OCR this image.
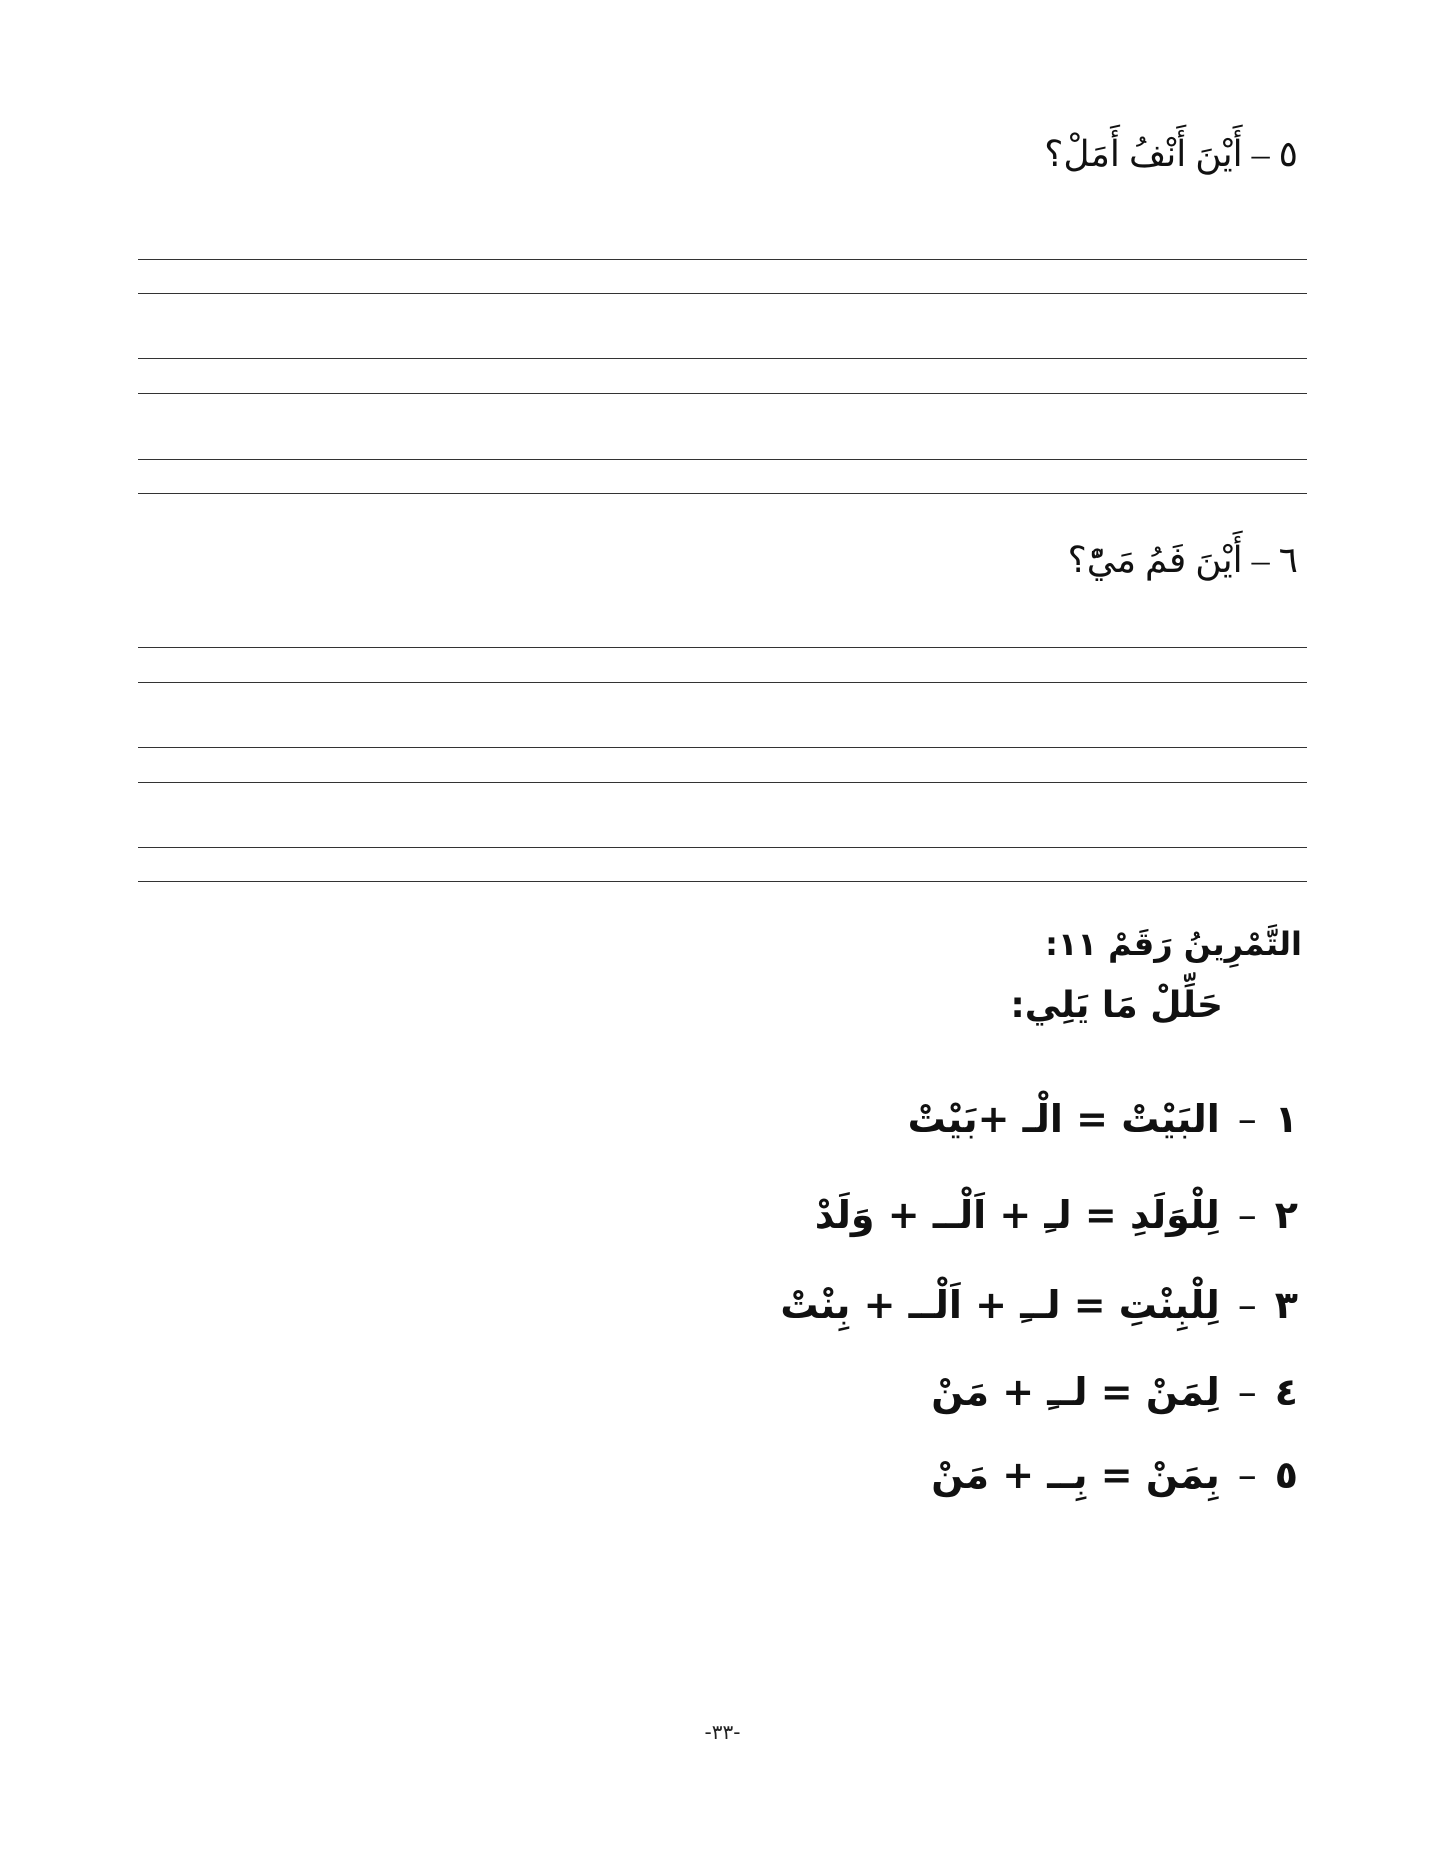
٥ – أَيْنَ أَنْفُ أَمَلْ؟
٦ – أَيْنَ فَمُ مَيّْ؟
التَّمْرِينُ رَقَمْ ١١:
حَلِّلْ مَا يَلِي:
١–البَيْتْ = الْـ +بَيْتْ
٢–لِلْوَلَدِ = لـِ + اَلْــ + وَلَدْ
٣–لِلْبِنْتِ = لــِ + اَلْــ + بِنْتْ
٤–لِمَنْ = لــِ + مَنْ
٥–بِمَنْ = بِــ + مَنْ
-٣٣-
